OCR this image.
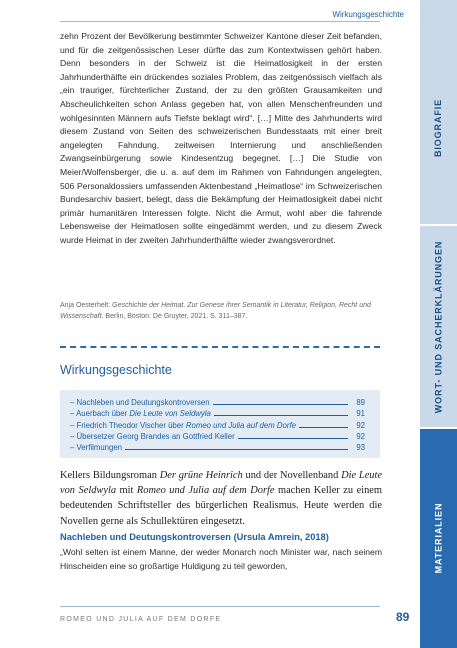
BIOGRAFIE
WORT- UND SACHERKLÄRUNGEN
MATERIALIEN
Wirkungsgeschichte
zehn Prozent der Bevölkerung bestimmter Schweizer Kantone dieser Zeit befanden, und für die zeitgenössischen Leser dürfte das zum Kontextwissen gehört haben. Denn besonders in der Schweiz ist die Heimatlosigkeit in der ersten Jahrhunderthälfte ein drückendes soziales Problem, das zeitgenössisch vielfach als „ein trauriger, fürchterlicher Zustand, der zu den größten Grausamkeiten und Abscheulichkeiten schon Anlass gegeben hat, von allen Menschenfreunden und wohlgesinnten Männern aufs Tiefste beklagt wird“. […] Mitte des Jahrhunderts wird diesem Zustand von Seiten des schweizerischen Bundesstaats mit einer breit angelegten Fahndung, zeitweisen Internierung und anschließenden Zwangseinbürgerung sowie Kindesentzug begegnet. […] Die Studie von Meier/Wolfensberger, die u. a. auf dem im Rahmen von Fahndungen angelegten, 506 Personaldossiers umfassenden Aktenbestand „Heimatlose“ im Schweizerischen Bundesarchiv basiert, belegt, dass die Bekämpfung der Heimatlosigkeit dabei nicht primär humanitären Interessen folgte. Nicht die Armut, wohl aber die fahrende Lebensweise der Heimatlosen sollte eingedämmt werden, und zu diesem Zweck wurde Heimat in der zweiten Jahrhunderthälfte wieder zwangsverordnet.
Anja Oesterhelt: Geschichte der Heimat. Zur Genese ihrer Semantik in Literatur, Religion, Recht und Wissenschaft. Berlin, Boston: De Gruyter, 2021. S. 311–387.
Wirkungsgeschichte
– Nachleben und Deutungskontroversen	89
– Auerbach über Die Leute von Seldwyla	91
– Friedrich Theodor Vischer über Romeo und Julia auf dem Dorfe	92
– Übersetzer Georg Brandes an Gottfried Keller	92
– Verfilmungen	93
Kellers Bildungsroman Der grüne Heinrich und der Novellenband Die Leute von Seldwyla mit Romeo und Julia auf dem Dorfe machen Keller zu einem bedeutenden Schriftsteller des bürgerlichen Realismus. Heute werden die Novellen gerne als Schullektüren eingesetzt.
Nachleben und Deutungskontroversen (Ursula Amrein, 2018)
„Wohl selten ist einem Manne, der weder Monarch noch Minister war, nach seinem Hinscheiden eine so großartige Huldigung zu teil geworden,
ROMEO UND JULIA AUF DEM DORFE	89
